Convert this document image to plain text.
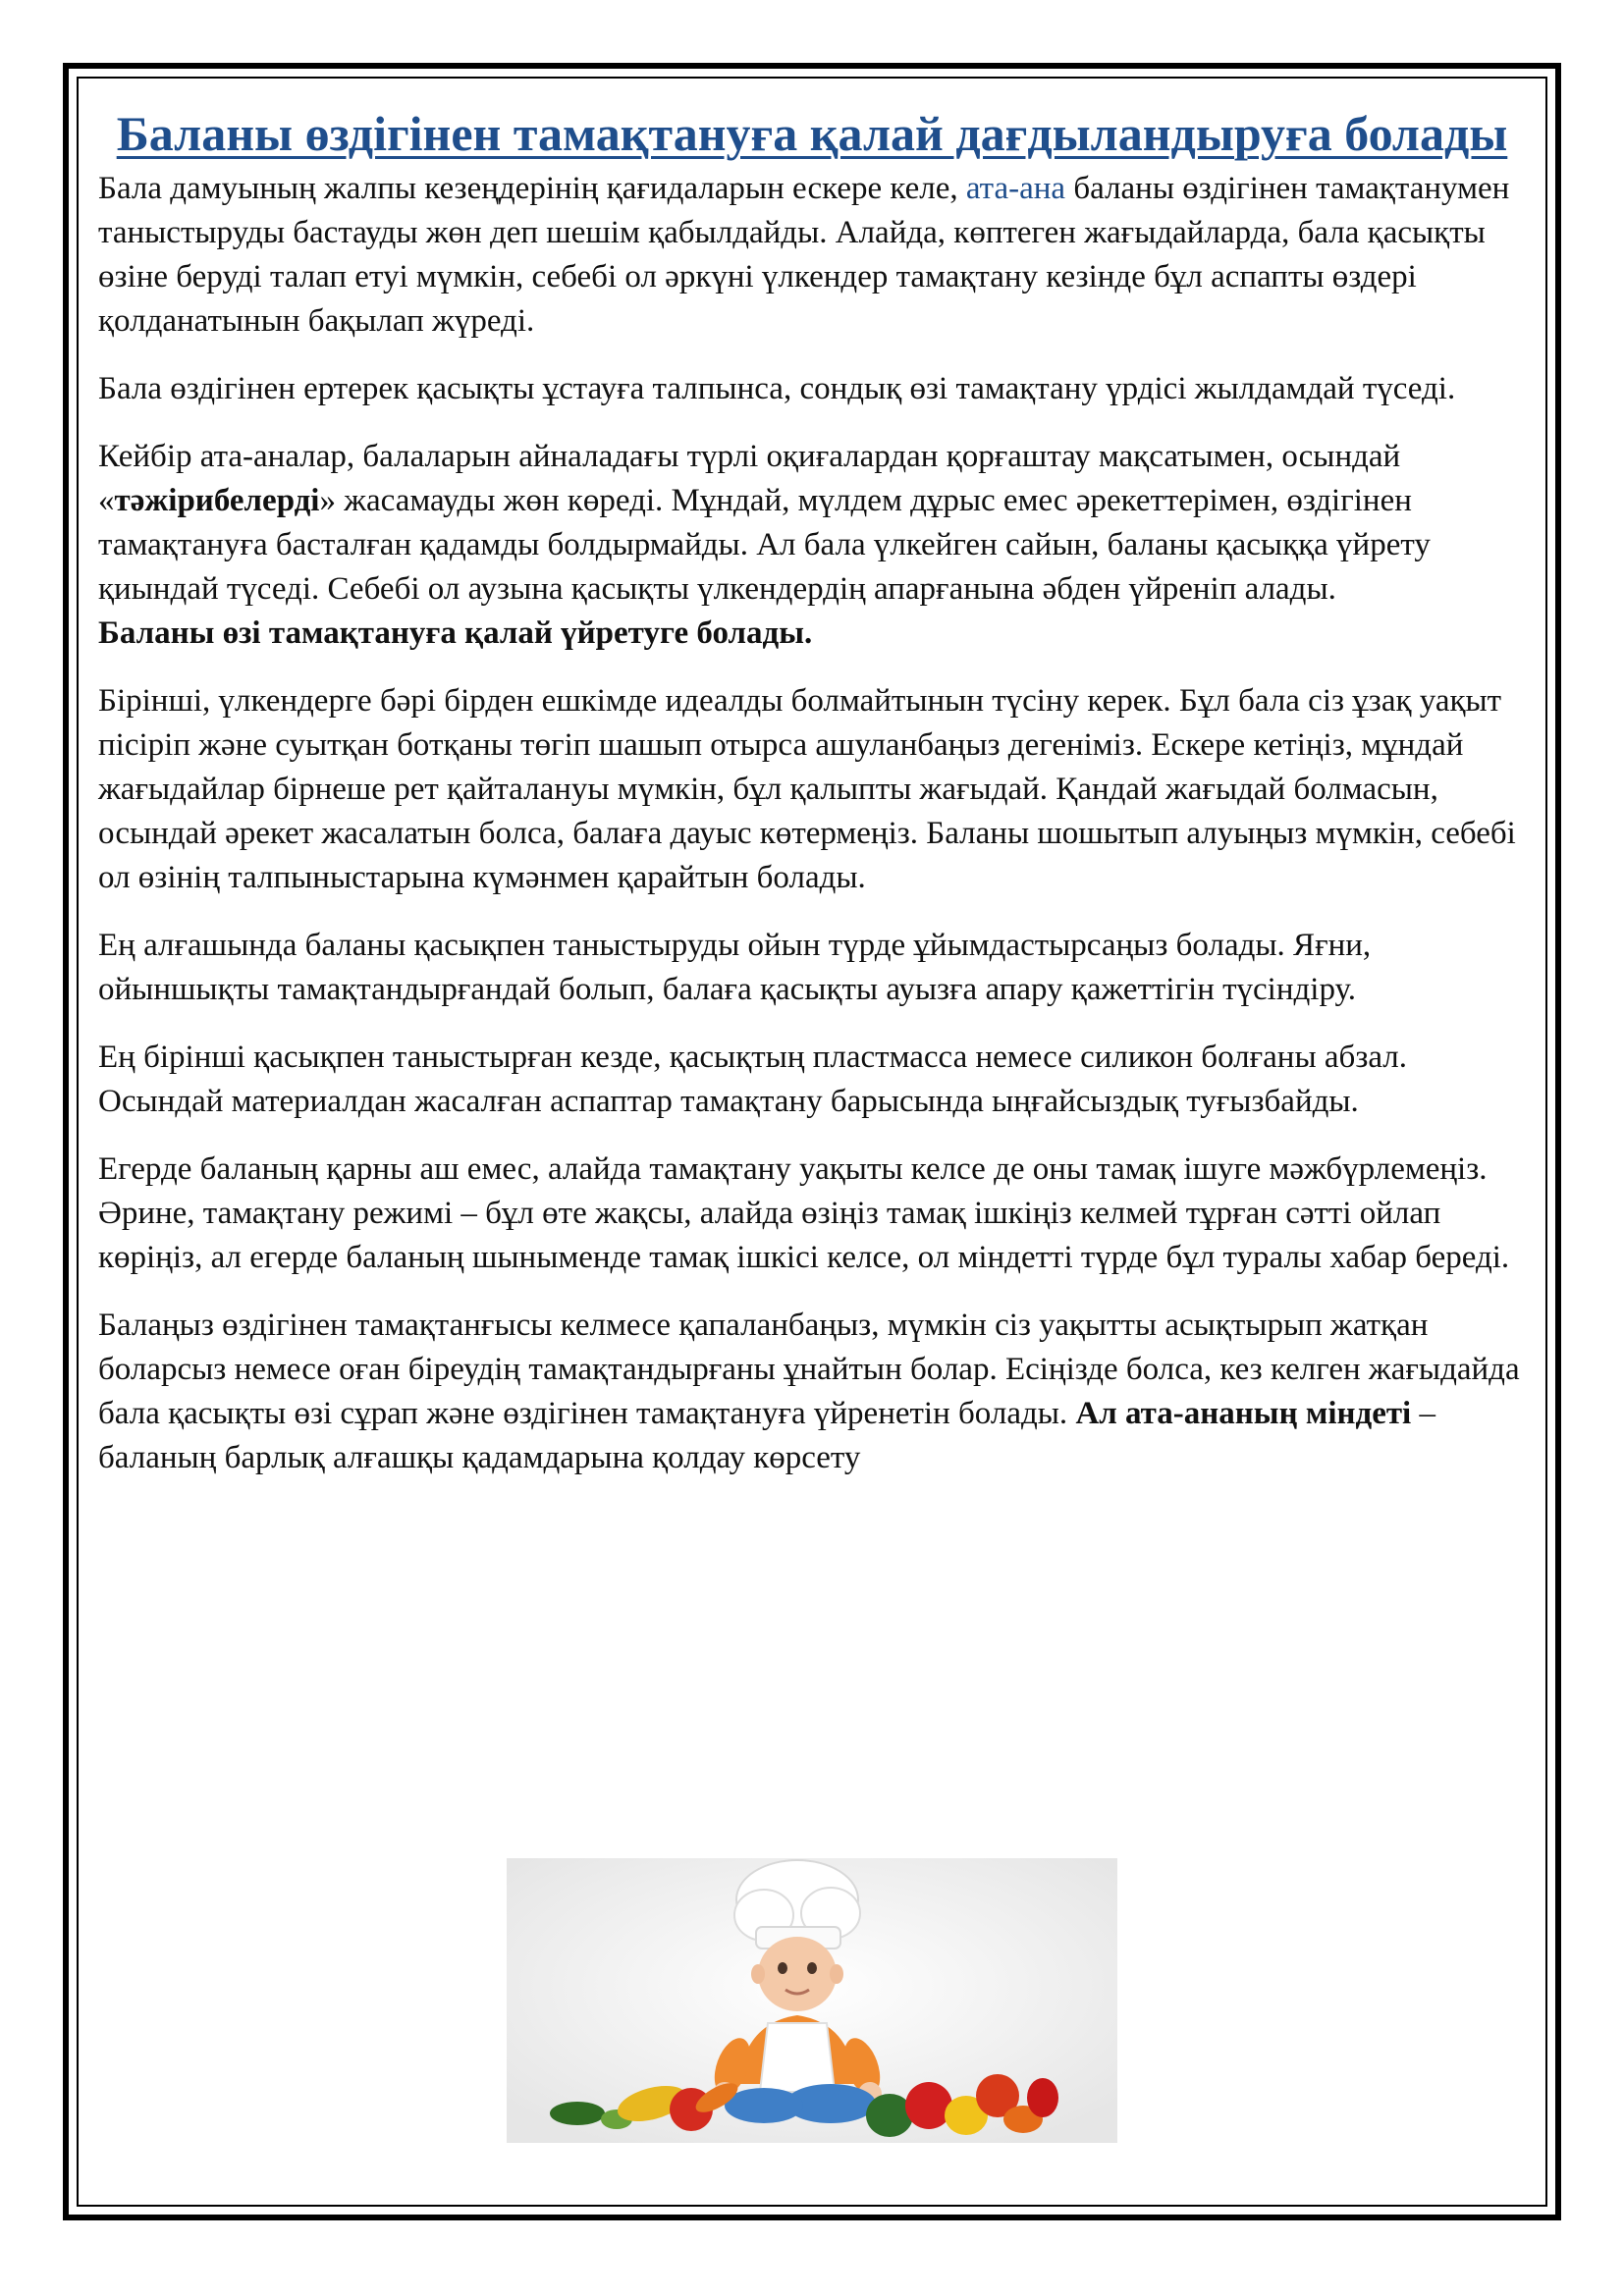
Баланы өздігінен тамақтануға қалай дағдыландыруға болады

Бала дамуының жалпы кезеңдерінің қағидаларын ескере келе, ата-ана баланы өздігінен тамақтанумен таныстыруды бастауды жөн деп шешім қабылдайды. Алайда, көптеген жағыдайларда, бала қасықты өзіне беруді талап етуі мүмкін, себебі ол әркүні үлкендер тамақтану кезінде бұл аспапты өздері қолданатынын бақылап жүреді.

Бала өздігінен ертерек қасықты ұстауға талпынса, сондық өзі тамақтану үрдісі жылдамдай түседі.

Кейбір ата-аналар, балаларын айналадағы түрлі оқиғалардан қорғаштау мақсатымен, осындай «тәжірибелерді» жасамауды жөн көреді. Мұндай, мүлдем дұрыс емес әрекеттерімен, өздігінен тамақтануға басталған қадамды болдырмайды. Ал бала үлкейген сайын, баланы қасыққа үйрету қиындай түседі. Себебі ол аузына қасықты үлкендердің апарғанына әбден үйреніп алады.

Баланы өзі тамақтануға қалай үйретуге болады.

Бірінші, үлкендерге бәрі бірден ешкімде идеалды болмайтынын түсіну керек. Бұл бала сіз ұзақ уақыт пісіріп және суытқан ботқаны төгіп шашып отырса ашуланбаңыз дегеніміз. Ескере кетіңіз, мұндай жағыдайлар бірнеше рет қайталануы мүмкін, бұл қалыпты жағыдай. Қандай жағыдай болмасын, осындай әрекет жасалатын болса, балаға дауыс көтермеңіз. Баланы шошытып алуыңыз мүмкін, себебі ол өзінің талпыныстарына күмәнмен қарайтын болады.

Ең алғашында баланы қасықпен таныстыруды ойын түрде ұйымдастырсаңыз болады. Яғни, ойыншықты тамақтандырғандай болып, балаға қасықты ауызға апару қажеттігін түсіндіру.

Ең бірінші қасықпен таныстырған кезде, қасықтың пластмасса немесе силикон болғаны абзал. Осындай материалдан жасалған аспаптар тамақтану барысында ыңғайсыздық туғызбайды.

Егерде баланың қарны аш емес, алайда тамақтану уақыты келсе де оны тамақ ішуге мәжбүрлемеңіз. Әрине, тамақтану режимі – бұл өте жақсы, алайда өзіңіз тамақ ішкіңіз келмей тұрған сәтті ойлап көріңіз, ал егерде баланың шыныменде тамақ ішкісі келсе, ол міндетті түрде бұл туралы хабар береді.

Балаңыз өздігінен тамақтанғысы келмесе қапаланбаңыз, мүмкін сіз уақытты асықтырып жатқан боларсыз немесе оған біреудің тамақтандырғаны ұнайтын болар. Есіңізде болса, кез келген жағыдайда бала қасықты өзі сұрап және өздігінен тамақтануға үйренетін болады. Ал ата-ананың міндеті – баланың барлық алғашқы қадамдарына қолдау көрсету
